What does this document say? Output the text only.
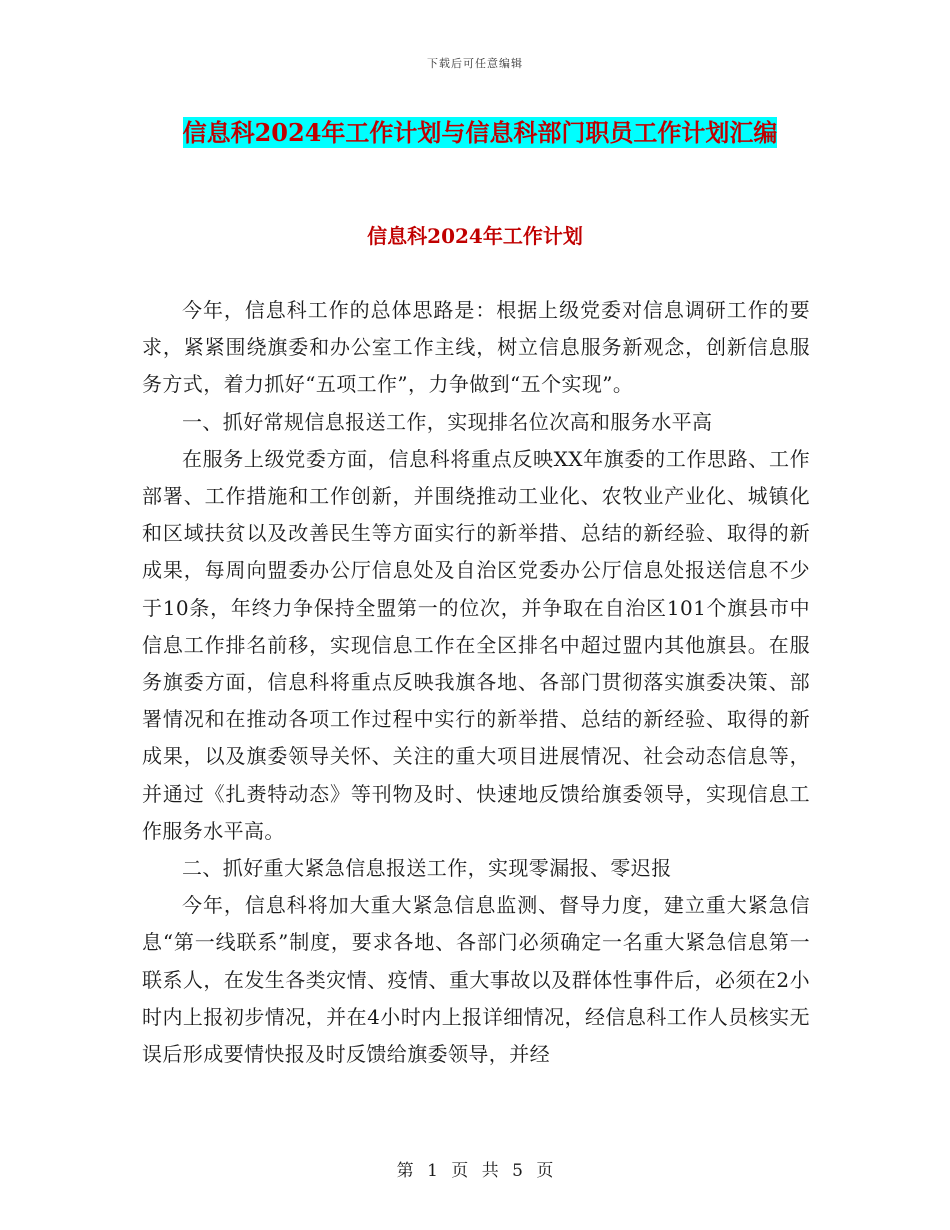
下载后可任意编辑
信息科2024年工作计划与信息科部门职员工作计划汇编
信息科2024年工作计划

今年，信息科工作的总体思路是：根据上级党委对信息调研工作的要求，紧紧围绕旗委和办公室工作主线，树立信息服务新观念，创新信息服务方式，着力抓好“五项工作”，力争做到“五个实现”。

一、抓好常规信息报送工作，实现排名位次高和服务水平高

在服务上级党委方面，信息科将重点反映XX年旗委的工作思路、工作部署、工作措施和工作创新，并围绕推动工业化、农牧业产业化、城镇化和区域扶贫以及改善民生等方面实行的新举措、总结的新经验、取得的新成果，每周向盟委办公厅信息处及自治区党委办公厅信息处报送信息不少于10条，年终力争保持全盟第一的位次，并争取在自治区101个旗县市中信息工作排名前移，实现信息工作在全区排名中超过盟内其他旗县。在服务旗委方面，信息科将重点反映我旗各地、各部门贯彻落实旗委决策、部署情况和在推动各项工作过程中实行的新举措、总结的新经验、取得的新成果，以及旗委领导关怀、关注的重大项目进展情况、社会动态信息等，并通过《扎赉特动态》等刊物及时、快速地反馈给旗委领导，实现信息工作服务水平高。

二、抓好重大紧急信息报送工作，实现零漏报、零迟报

今年，信息科将加大重大紧急信息监测、督导力度，建立重大紧急信息“第一线联系”制度，要求各地、各部门必须确定一名重大紧急信息第一联系人，在发生各类灾情、疫情、重大事故以及群体性事件后，必须在2小时内上报初步情况，并在4小时内上报详细情况，经信息科工作人员核实无误后形成要情快报及时反馈给旗委领导，并经

第 1 页 共 5 页
